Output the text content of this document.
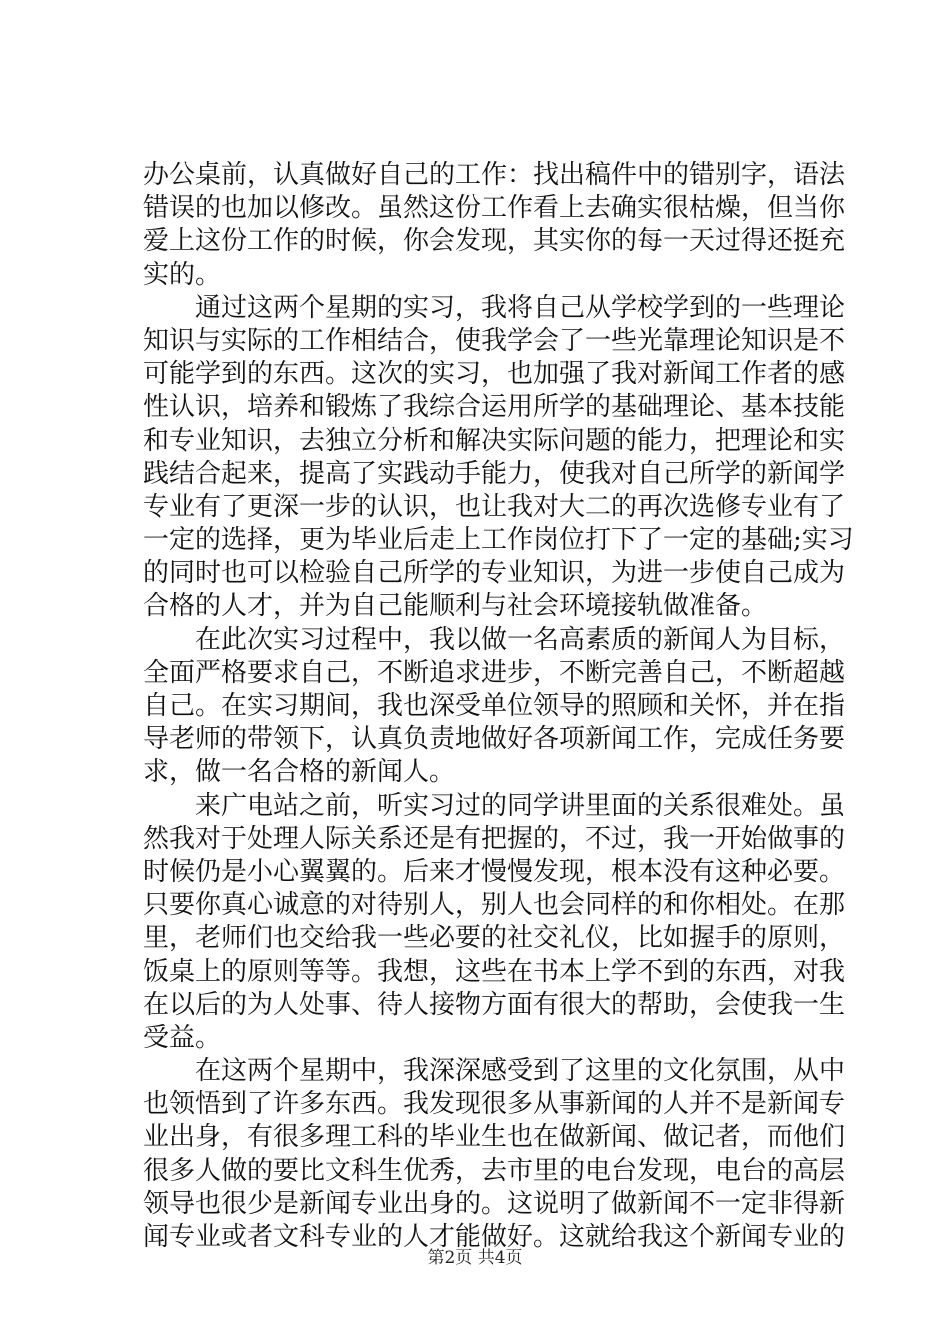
办公桌前，认真做好自己的工作：找出稿件中的错别字，语法
错误的也加以修改。虽然这份工作看上去确实很枯燥，但当你
爱上这份工作的时候，你会发现，其实你的每一天过得还挺充
实的。
通过这两个星期的实习，我将自己从学校学到的一些理论
知识与实际的工作相结合，使我学会了一些光靠理论知识是不
可能学到的东西。这次的实习，也加强了我对新闻工作者的感
性认识，培养和锻炼了我综合运用所学的基础理论、基本技能
和专业知识，去独立分析和解决实际问题的能力，把理论和实
践结合起来，提高了实践动手能力，使我对自己所学的新闻学
专业有了更深一步的认识，也让我对大二的再次选修专业有了
一定的选择，更为毕业后走上工作岗位打下了一定的基础;实习
的同时也可以检验自己所学的专业知识，为进一步使自己成为
合格的人才，并为自己能顺利与社会环境接轨做准备。
在此次实习过程中，我以做一名高素质的新闻人为目标，
全面严格要求自己，不断追求进步，不断完善自己，不断超越
自己。在实习期间，我也深受单位领导的照顾和关怀，并在指
导老师的带领下，认真负责地做好各项新闻工作，完成任务要
求，做一名合格的新闻人。
来广电站之前，听实习过的同学讲里面的关系很难处。虽
然我对于处理人际关系还是有把握的，不过，我一开始做事的
时候仍是小心翼翼的。后来才慢慢发现，根本没有这种必要。
只要你真心诚意的对待别人，别人也会同样的和你相处。在那
里，老师们也交给我一些必要的社交礼仪，比如握手的原则，
饭桌上的原则等等。我想，这些在书本上学不到的东西，对我
在以后的为人处事、待人接物方面有很大的帮助，会使我一生
受益。
在这两个星期中，我深深感受到了这里的文化氛围，从中
也领悟到了许多东西。我发现很多从事新闻的人并不是新闻专
业出身，有很多理工科的毕业生也在做新闻、做记者，而他们
很多人做的要比文科生优秀，去市里的电台发现，电台的高层
领导也很少是新闻专业出身的。这说明了做新闻不一定非得新
闻专业或者文科专业的人才能做好。这就给我这个新闻专业的
第2页 共4页
